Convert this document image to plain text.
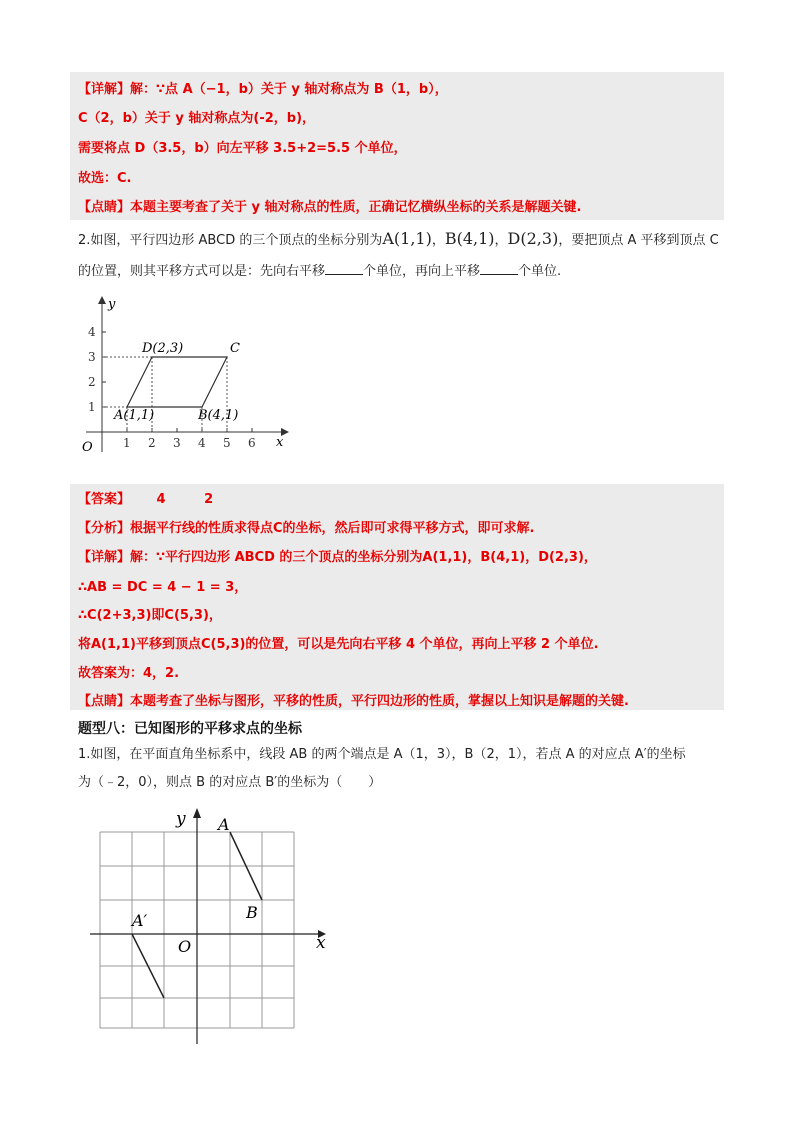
【详解】解：∵点 A（−1，b）关于 y 轴对称点为 B（1，b），
C（2，b）关于 y 轴对称点为(-2，b)，
需要将点 D（3.5，b）向左平移 3.5+2=5.5 个单位，
故选：C.
【点睛】本题主要考查了关于 y 轴对称点的性质，正确记忆横纵坐标的关系是解题关键.
2.如图，平行四边形 ABCD 的三个顶点的坐标分别为A(1,1)，B(4,1)，D(2,3)，要把顶点 A 平移到顶点 C
的位置，则其平移方式可以是：先向右平移	个单位，再向上平移	个单位.
y
x
O	1 2 3 4 5 6
1
2
3
4
A(1,1)	B(4,1)
C
D(2,3)
【答案】 4	2
【分析】根据平行线的性质求得点C的坐标，然后即可求得平移方式，即可求解.
【详解】解：∵平行四边形 ABCD 的三个顶点的坐标分别为A(1,1)，B(4,1)，D(2,3)，
∴AB = DC = 4 − 1 = 3，
∴C(2+3,3)即C(5,3)，
将A(1,1)平移到顶点C(5,3)的位置，可以是先向右平移 4 个单位，再向上平移 2 个单位.
故答案为：4，2.
【点睛】本题考查了坐标与图形，平移的性质，平行四边形的性质，掌握以上知识是解题的关键.
题型八：已知图形的平移求点的坐标
1.如图，在平面直角坐标系中，线段 AB 的两个端点是 A（1，3），B（2，1），若点 A 的对应点 A′的坐标
为（﹣2，0），则点 B 的对应点 B′的坐标为（　　）
y
x
O
A
B
A′
